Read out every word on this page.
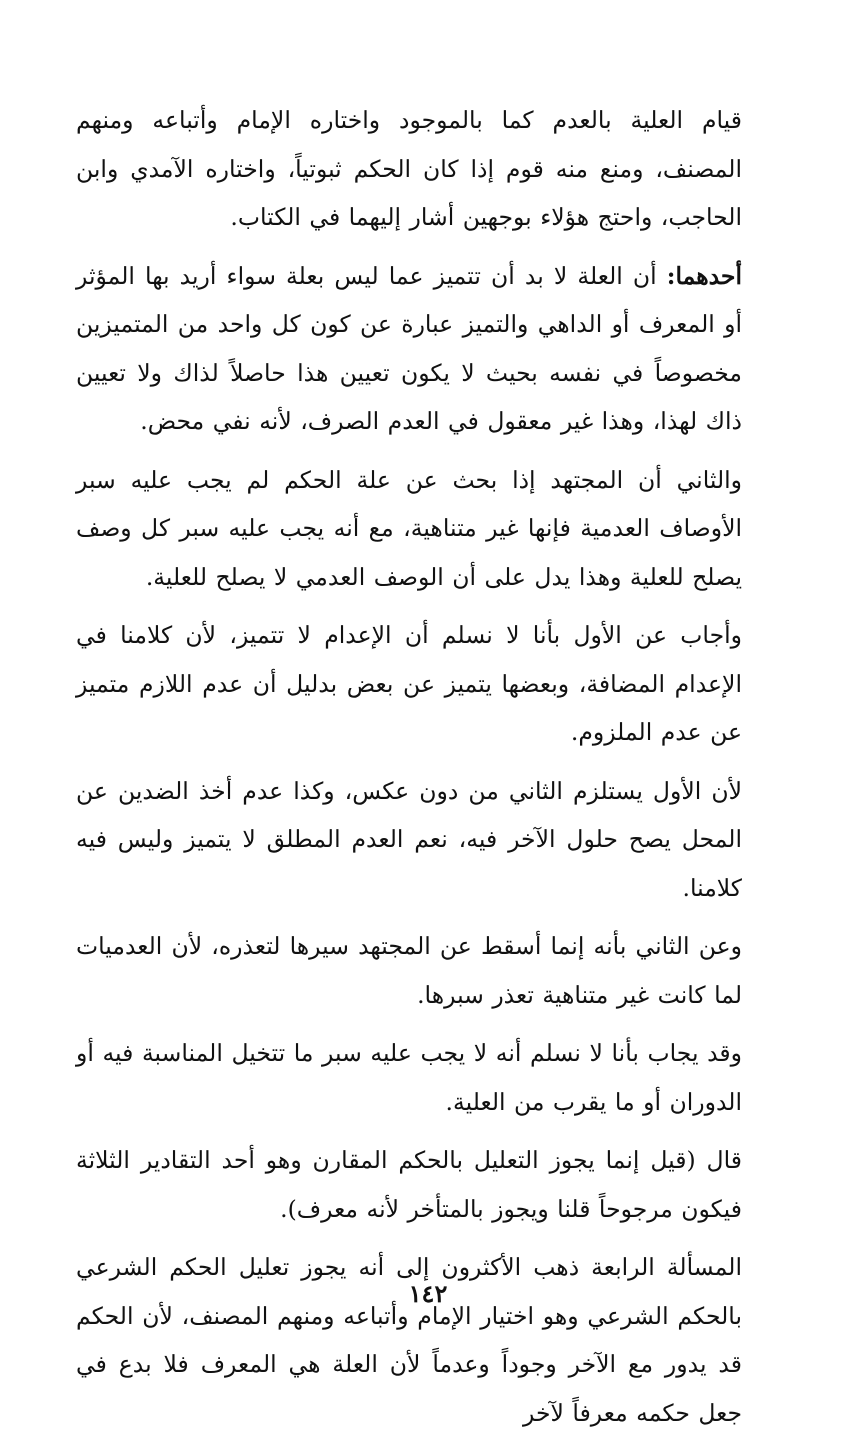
قيام العلية بالعدم كما بالموجود واختاره الإمام وأتباعه ومنهم المصنف، ومنع منه قوم إذا كان الحكم ثبوتياً، واختاره الآمدي وابن الحاجب، واحتج هؤلاء بوجهين أشار إليهما في الكتاب.

أحدهما: أن العلة لا بد أن تتميز عما ليس بعلة سواء أريد بها المؤثر أو المعرف أو الداهي والتميز عبارة عن كون كل واحد من المتميزين مخصوصاً في نفسه بحيث لا يكون تعيين هذا حاصلاً لذاك ولا تعيين ذاك لهذا، وهذا غير معقول في العدم الصرف، لأنه نفي محض.

والثاني أن المجتهد إذا بحث عن علة الحكم لم يجب عليه سبر الأوصاف العدمية فإنها غير متناهية، مع أنه يجب عليه سبر كل وصف يصلح للعلية وهذا يدل على أن الوصف العدمي لا يصلح للعلية.

وأجاب عن الأول بأنا لا نسلم أن الإعدام لا تتميز، لأن كلامنا في الإعدام المضافة، وبعضها يتميز عن بعض بدليل أن عدم اللازم متميز عن عدم الملزوم.

لأن الأول يستلزم الثاني من دون عكس، وكذا عدم أخذ الضدين عن المحل يصح حلول الآخر فيه، نعم العدم المطلق لا يتميز وليس فيه كلامنا.

وعن الثاني بأنه إنما أسقط عن المجتهد سيرها لتعذره، لأن العدميات لما كانت غير متناهية تعذر سبرها.

وقد يجاب بأنا لا نسلم أنه لا يجب عليه سبر ما تتخيل المناسبة فيه أو الدوران أو ما يقرب من العلية.

قال (قيل إنما يجوز التعليل بالحكم المقارن وهو أحد التقادير الثلاثة فيكون مرجوحاً قلنا ويجوز بالمتأخر لأنه معرف).

المسألة الرابعة ذهب الأكثرون إلى أنه يجوز تعليل الحكم الشرعي بالحكم الشرعي وهو اختيار الإمام وأتباعه ومنهم المصنف، لأن الحكم قد يدور مع الآخر وجوداً وعدماً لأن العلة هي المعرف فلا بدع في جعل حكمه معرفاً لآخر

١٤٢
